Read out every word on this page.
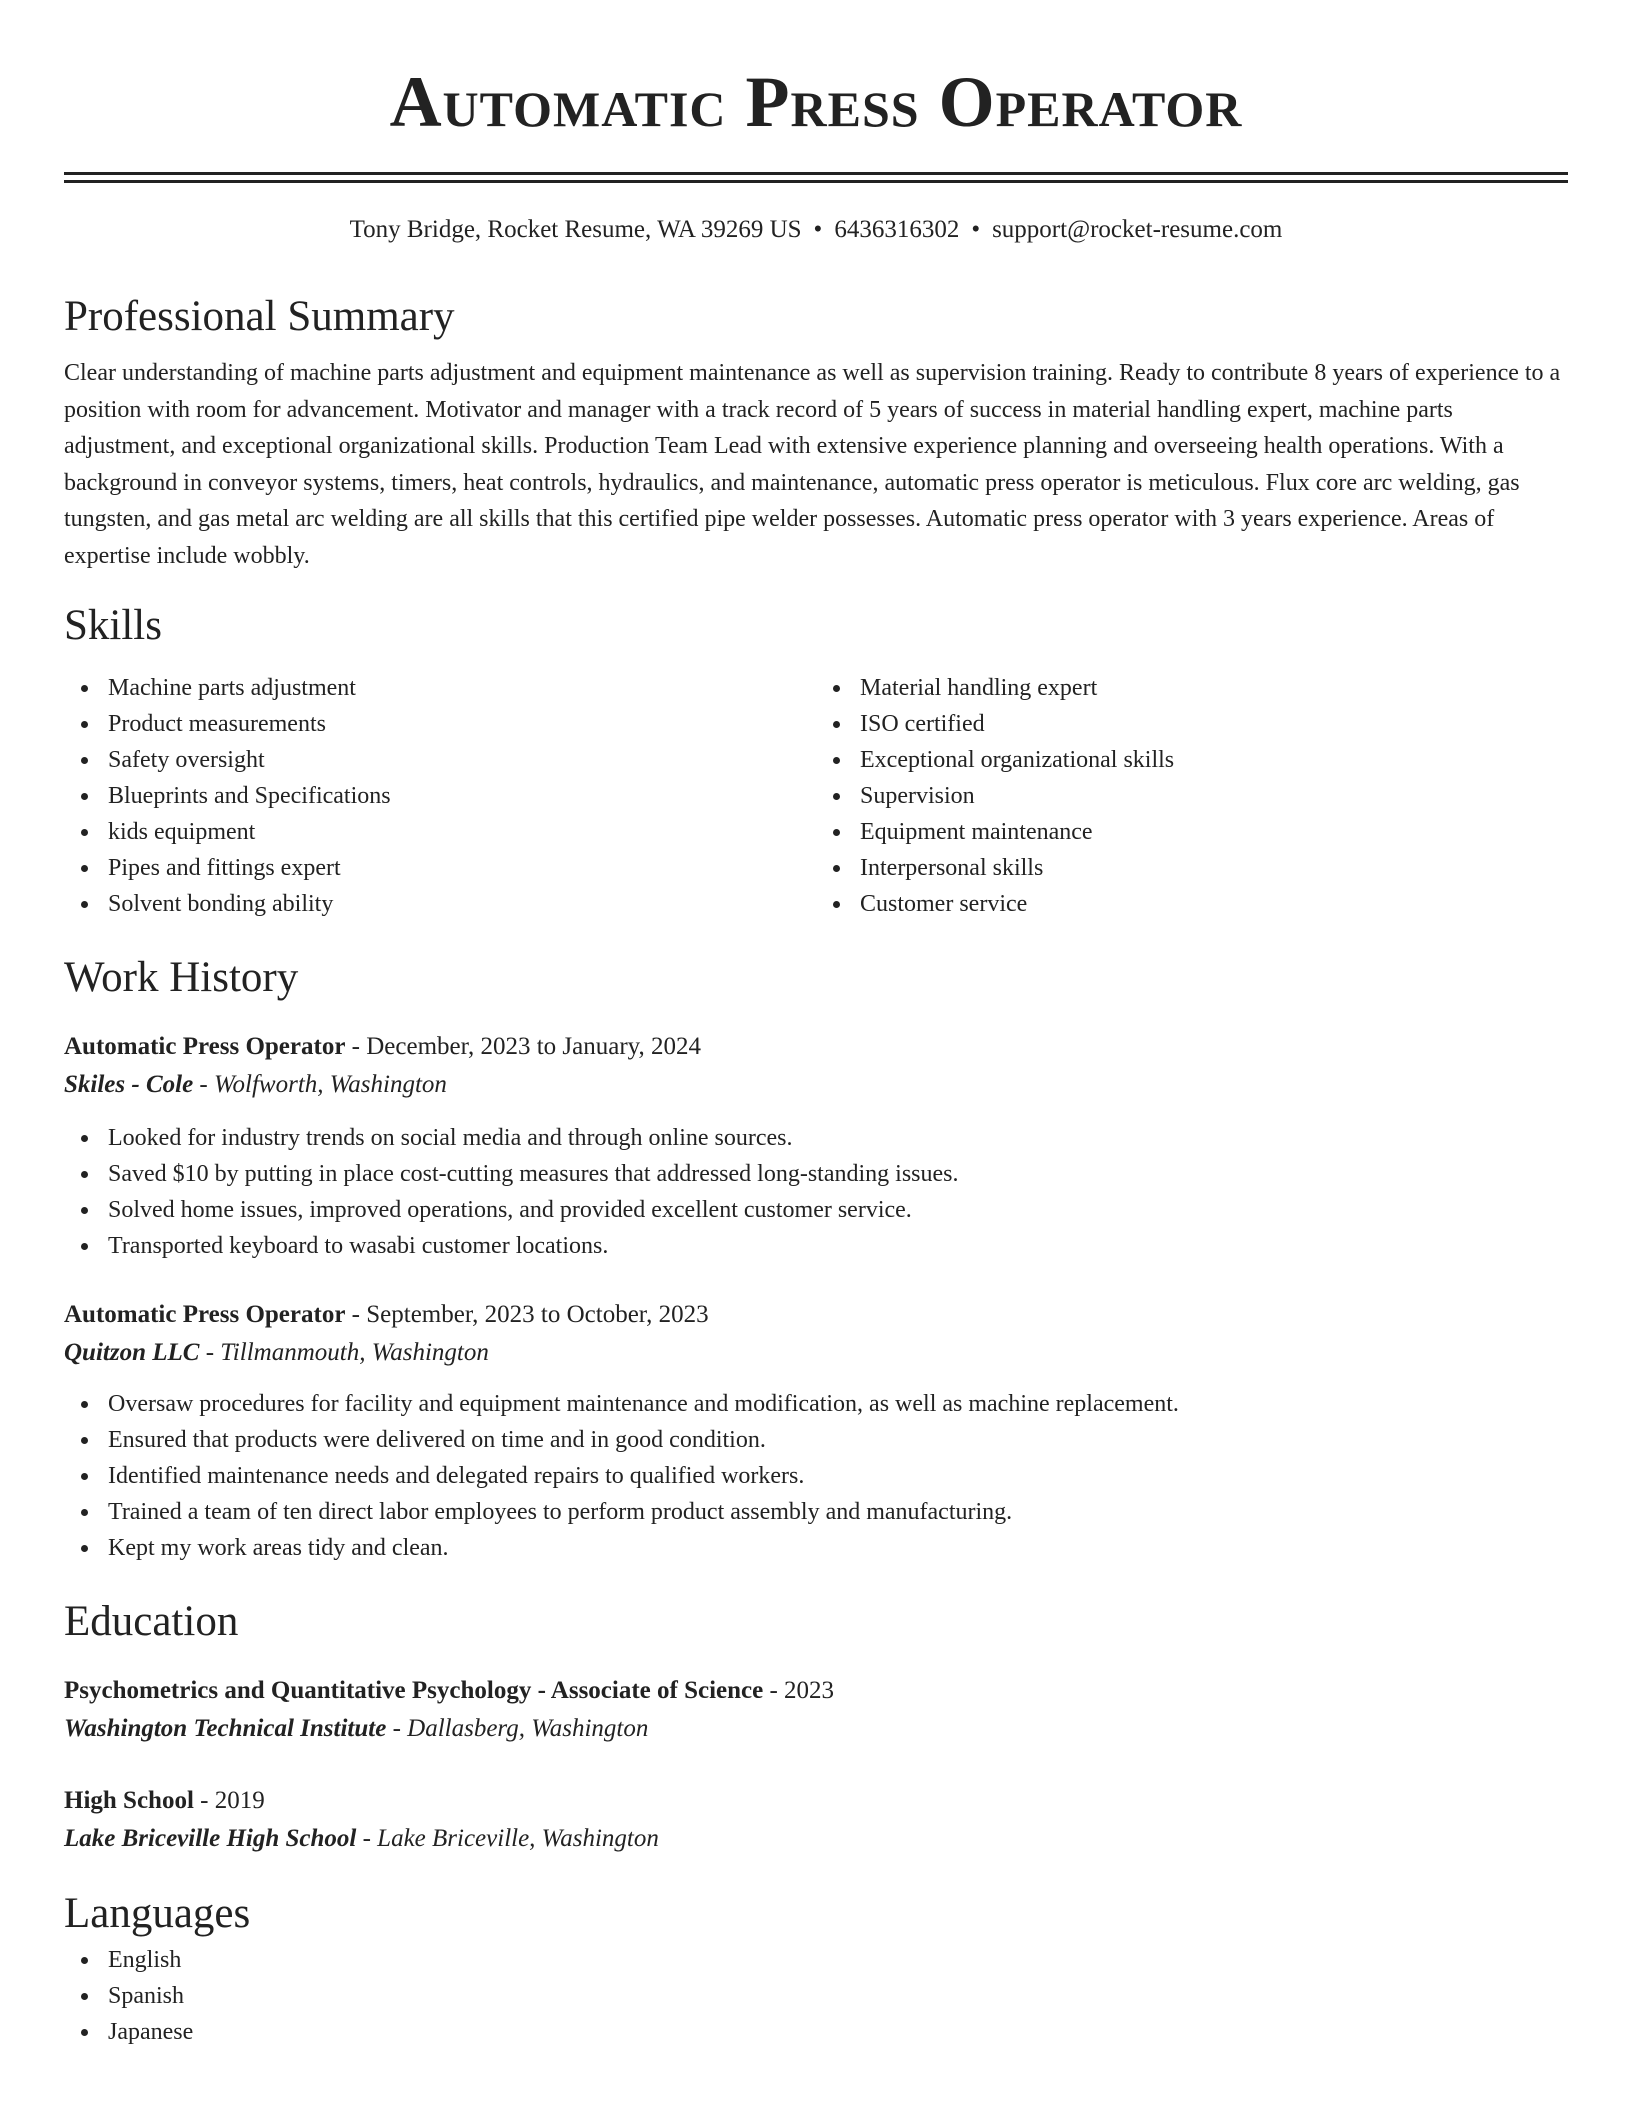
Automatic Press Operator
Tony Bridge, Rocket Resume, WA 39269 US • 6436316302 • support@rocket-resume.com
Professional Summary

Clear understanding of machine parts adjustment and equipment maintenance as well as supervision training. Ready to contribute 8 years of experience to a position with room for advancement. Motivator and manager with a track record of 5 years of success in material handling expert, machine parts adjustment, and exceptional organizational skills. Production Team Lead with extensive experience planning and overseeing health operations. With a background in conveyor systems, timers, heat controls, hydraulics, and maintenance, automatic press operator is meticulous. Flux core arc welding, gas tungsten, and gas metal arc welding are all skills that this certified pipe welder possesses. Automatic press operator with 3 years experience. Areas of expertise include wobbly.

Skills
Machine parts adjustment
Product measurements
Safety oversight
Blueprints and Specifications
kids equipment
Pipes and fittings expert
Solvent bonding ability
Material handling expert
ISO certified
Exceptional organizational skills
Supervision
Equipment maintenance
Interpersonal skills
Customer service
Work History
Automatic Press Operator - December, 2023 to January, 2024
Skiles - Cole - Wolfworth, Washington
Looked for industry trends on social media and through online sources.
Saved $10 by putting in place cost-cutting measures that addressed long-standing issues.
Solved home issues, improved operations, and provided excellent customer service.
Transported keyboard to wasabi customer locations.
Automatic Press Operator - September, 2023 to October, 2023
Quitzon LLC - Tillmanmouth, Washington
Oversaw procedures for facility and equipment maintenance and modification, as well as machine replacement.
Ensured that products were delivered on time and in good condition.
Identified maintenance needs and delegated repairs to qualified workers.
Trained a team of ten direct labor employees to perform product assembly and manufacturing.
Kept my work areas tidy and clean.
Education
Psychometrics and Quantitative Psychology - Associate of Science - 2023
Washington Technical Institute - Dallasberg, Washington
High School - 2019
Lake Briceville High School - Lake Briceville, Washington
Languages
English
Spanish
Japanese
